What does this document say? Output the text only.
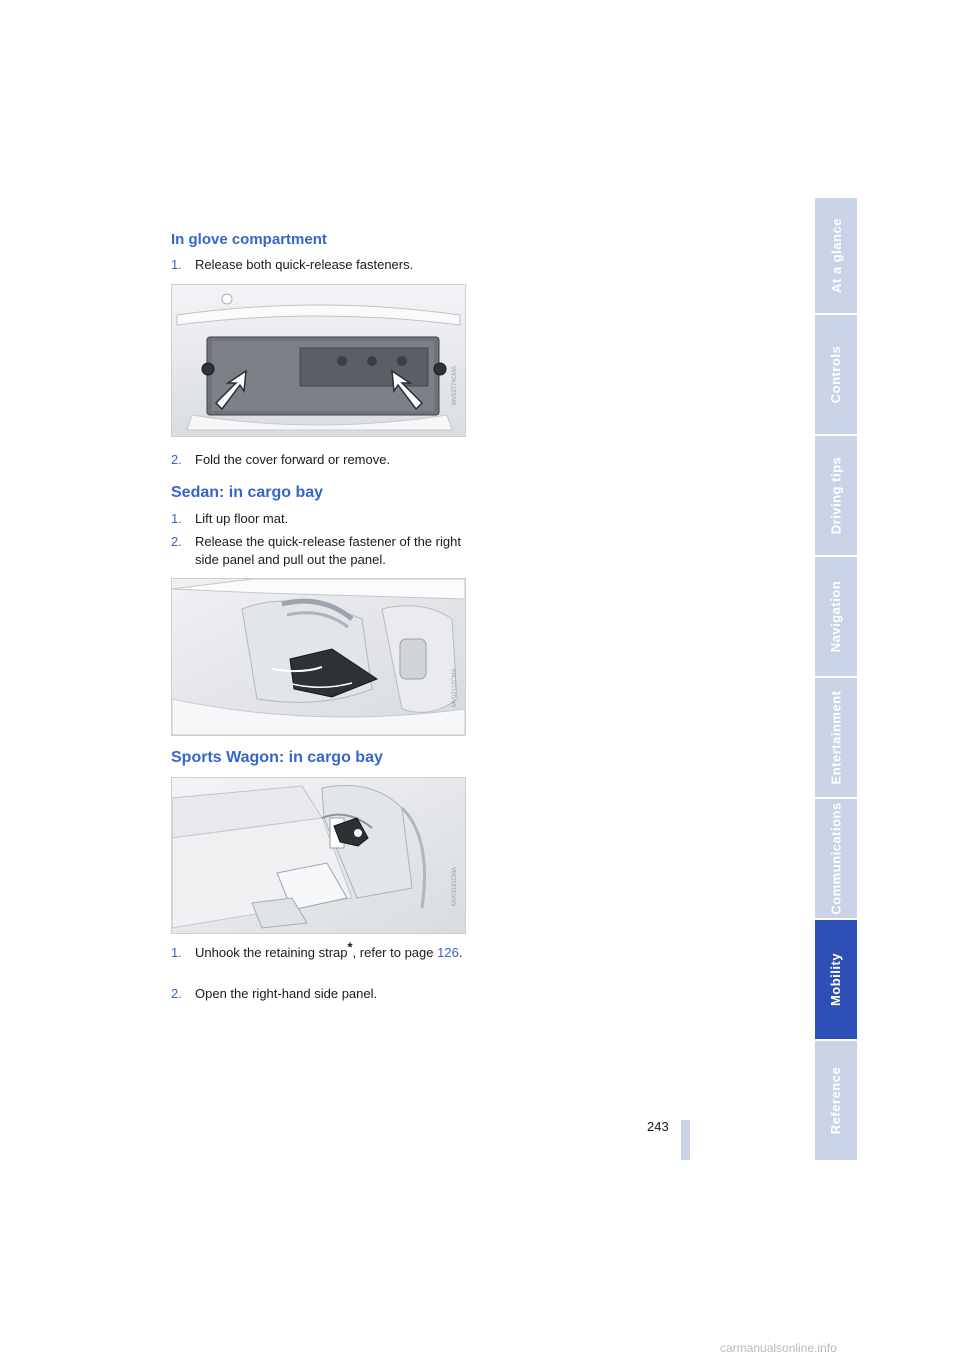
At a glance
Controls
Driving tips
Navigation
Entertainment
Communications
Mobility
Reference
In glove compartment
1. Release both quick-release fasteners.
MV02774CMA
2. Fold the cover forward or remove.
Sedan: in cargo bay
1. Lift up floor mat.
2. Release the quick-release fastener of the right side panel and pull out the panel.
MV02112CMA
Sports Wagon: in cargo bay
MV03181CMA
1. Unhook the retaining strap*, refer to page 126.
2. Open the right-hand side panel.
243
carmanualsonline.info
